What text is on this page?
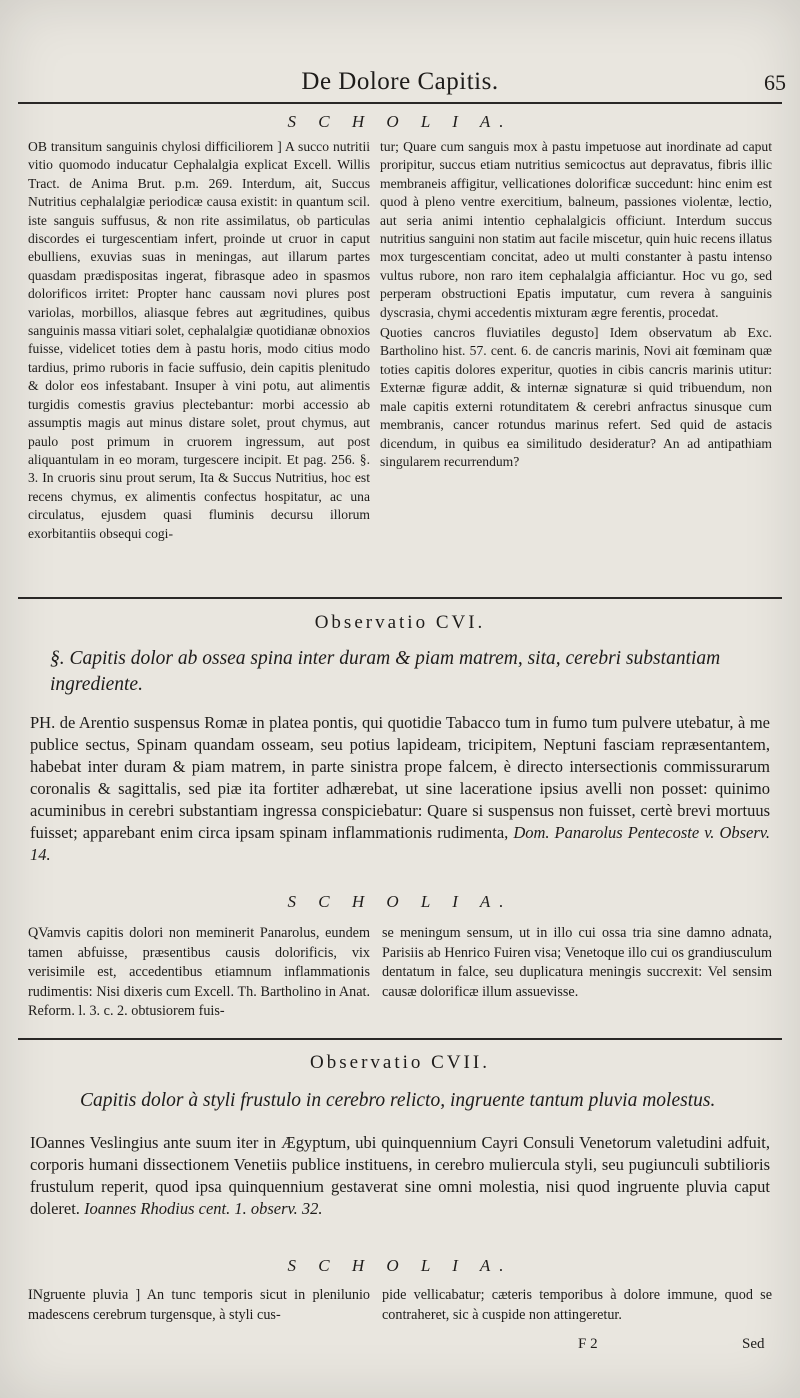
De Dolore Capitis.	65
S C H O L I A.

OB transitum sanguinis chylosi difficiliorem ] A succo nutritii vitio quomodo inducatur Cephalalgia explicat Excell. Willis Tract. de Anima Brut. p.m. 269. Interdum, ait, Succus Nutritius cephalalgiæ periodicæ causa existit: in quantum scil. iste sanguis suffusus, & non rite assimilatus, ob particulas discordes ei turgescentiam infert, proinde ut cruor in caput ebulliens, exuvias suas in meningas, aut illarum partes quasdam prædispositas ingerat, fibrasque adeo in spasmos dolorificos irritet: Propter hanc caussam novi plures post variolas, morbillos, aliasque febres aut ægritudines, quibus sanguinis massa vitiari solet, cephalalgiæ quotidianæ obnoxios fuisse, videlicet toties dem à pastu horis, modo citius modo tardius, primo ruboris in facie suffusio, dein capitis plenitudo & dolor eos infestabant. Insuper à vini potu, aut alimentis turgidis comestis gravius plectebantur: morbi accessio ab assumptis magis aut minus distare solet, prout chymus, aut paulo post primum in cruorem ingressum, aut post aliquantulam in eo moram, turgescere incipit. Et pag. 256. §. 3. In cruoris sinu prout serum, Ita & Succus Nutritius, hoc est recens chymus, ex alimentis confectus hospitatur, ac una circulatus, ejusdem quasi fluminis decursu illorum exorbitantiis obsequi cogi-

tur; Quare cum sanguis mox à pastu impetuose aut inordinate ad caput proripitur, succus etiam nutritius semicoctus aut depravatus, fibris illic membraneis affigitur, vellicationes dolorificæ succedunt: hinc enim est quod à pleno ventre exercitium, balneum, passiones violentæ, lectio, aut seria animi intentio cephalalgicis officiunt. Interdum succus nutritius sanguini non statim aut facile miscetur, quin huic recens illatus mox turgescentiam concitat, adeo ut multi constanter à pastu intenso vultus rubore, non raro item cephalalgia afficiantur. Hoc vu go, sed perperam obstructioni Epatis imputatur, cum revera à sanguinis dyscrasia, chymi accedentis mixturam ægre ferentis, procedat.

Quoties cancros fluviatiles degusto] Idem observatum ab Exc. Bartholino hist. 57. cent. 6. de cancris marinis, Novi ait fœminam quæ toties capitis dolores experitur, quoties in cibis cancris marinis utitur: Externæ figuræ addit, & internæ signaturæ si quid tribuendum, non male capitis externi rotunditatem & cerebri anfractus sinusque cum membranis, cancer rotundus marinus refert. Sed quid de astacis dicendum, in quibus ea similitudo desideratur? An ad antipathiam singularem recurrendum?

Observatio CVI.
§. Capitis dolor ab ossea spina inter duram & piam matrem, sita, cerebri substantiam ingrediente.

PH. de Arentio suspensus Romæ in platea pontis, qui quotidie Tabacco tum in fumo tum pulvere utebatur, à me publice sectus, Spinam quandam osseam, seu potius lapideam, tricipitem, Neptuni fasciam repræsentantem, habebat inter duram & piam matrem, in parte sinistra prope falcem, è directo intersectionis commissurarum coronalis & sagittalis, sed piæ ita fortiter adhærebat, ut sine laceratione ipsius avelli non posset: quinimo acuminibus in cerebri substantiam ingressa conspiciebatur: Quare si suspensus non fuisset, certè brevi mortuus fuisset; apparebant enim circa ipsam spinam inflammationis rudimenta, Dom. Panarolus Pentecoste v. Observ. 14.

S C H O L I A.

QVamvis capitis dolori non meminerit Panarolus, eundem tamen abfuisse, præsentibus causis dolorificis, vix verisimile est, accedentibus etiamnum inflammationis rudimentis: Nisi dixeris cum Excell. Th. Bartholino in Anat. Reform. l. 3. c. 2. obtusiorem fuis-

se meningum sensum, ut in illo cui ossa tria sine damno adnata, Parisiis ab Henrico Fuiren visa; Venetoque illo cui os grandiusculum dentatum in falce, seu duplicatura meningis succrexit: Vel sensim causæ dolorificæ illum assuevisse.

Observatio CVII.
Capitis dolor à styli frustulo in cerebro relicto, ingruente tantum pluvia molestus.

IOannes Veslingius ante suum iter in Ægyptum, ubi quinquennium Cayri Consuli Venetorum valetudini adfuit, corporis humani dissectionem Venetiis publice instituens, in cerebro muliercula styli, seu pugiunculi subtilioris frustulum reperit, quod ipsa quinquennium gestaverat sine omni molestia, nisi quod ingruente pluvia caput doleret. Ioannes Rhodius cent. 1. observ. 32.

S C H O L I A.

INgruente pluvia ] An tunc temporis sicut in plenilunio madescens cerebrum turgensque, à styli cus-

pide vellicabatur; cæteris temporibus à dolore immune, quod se contraheret, sic à cuspide non attingeretur.

F 2	Sed
